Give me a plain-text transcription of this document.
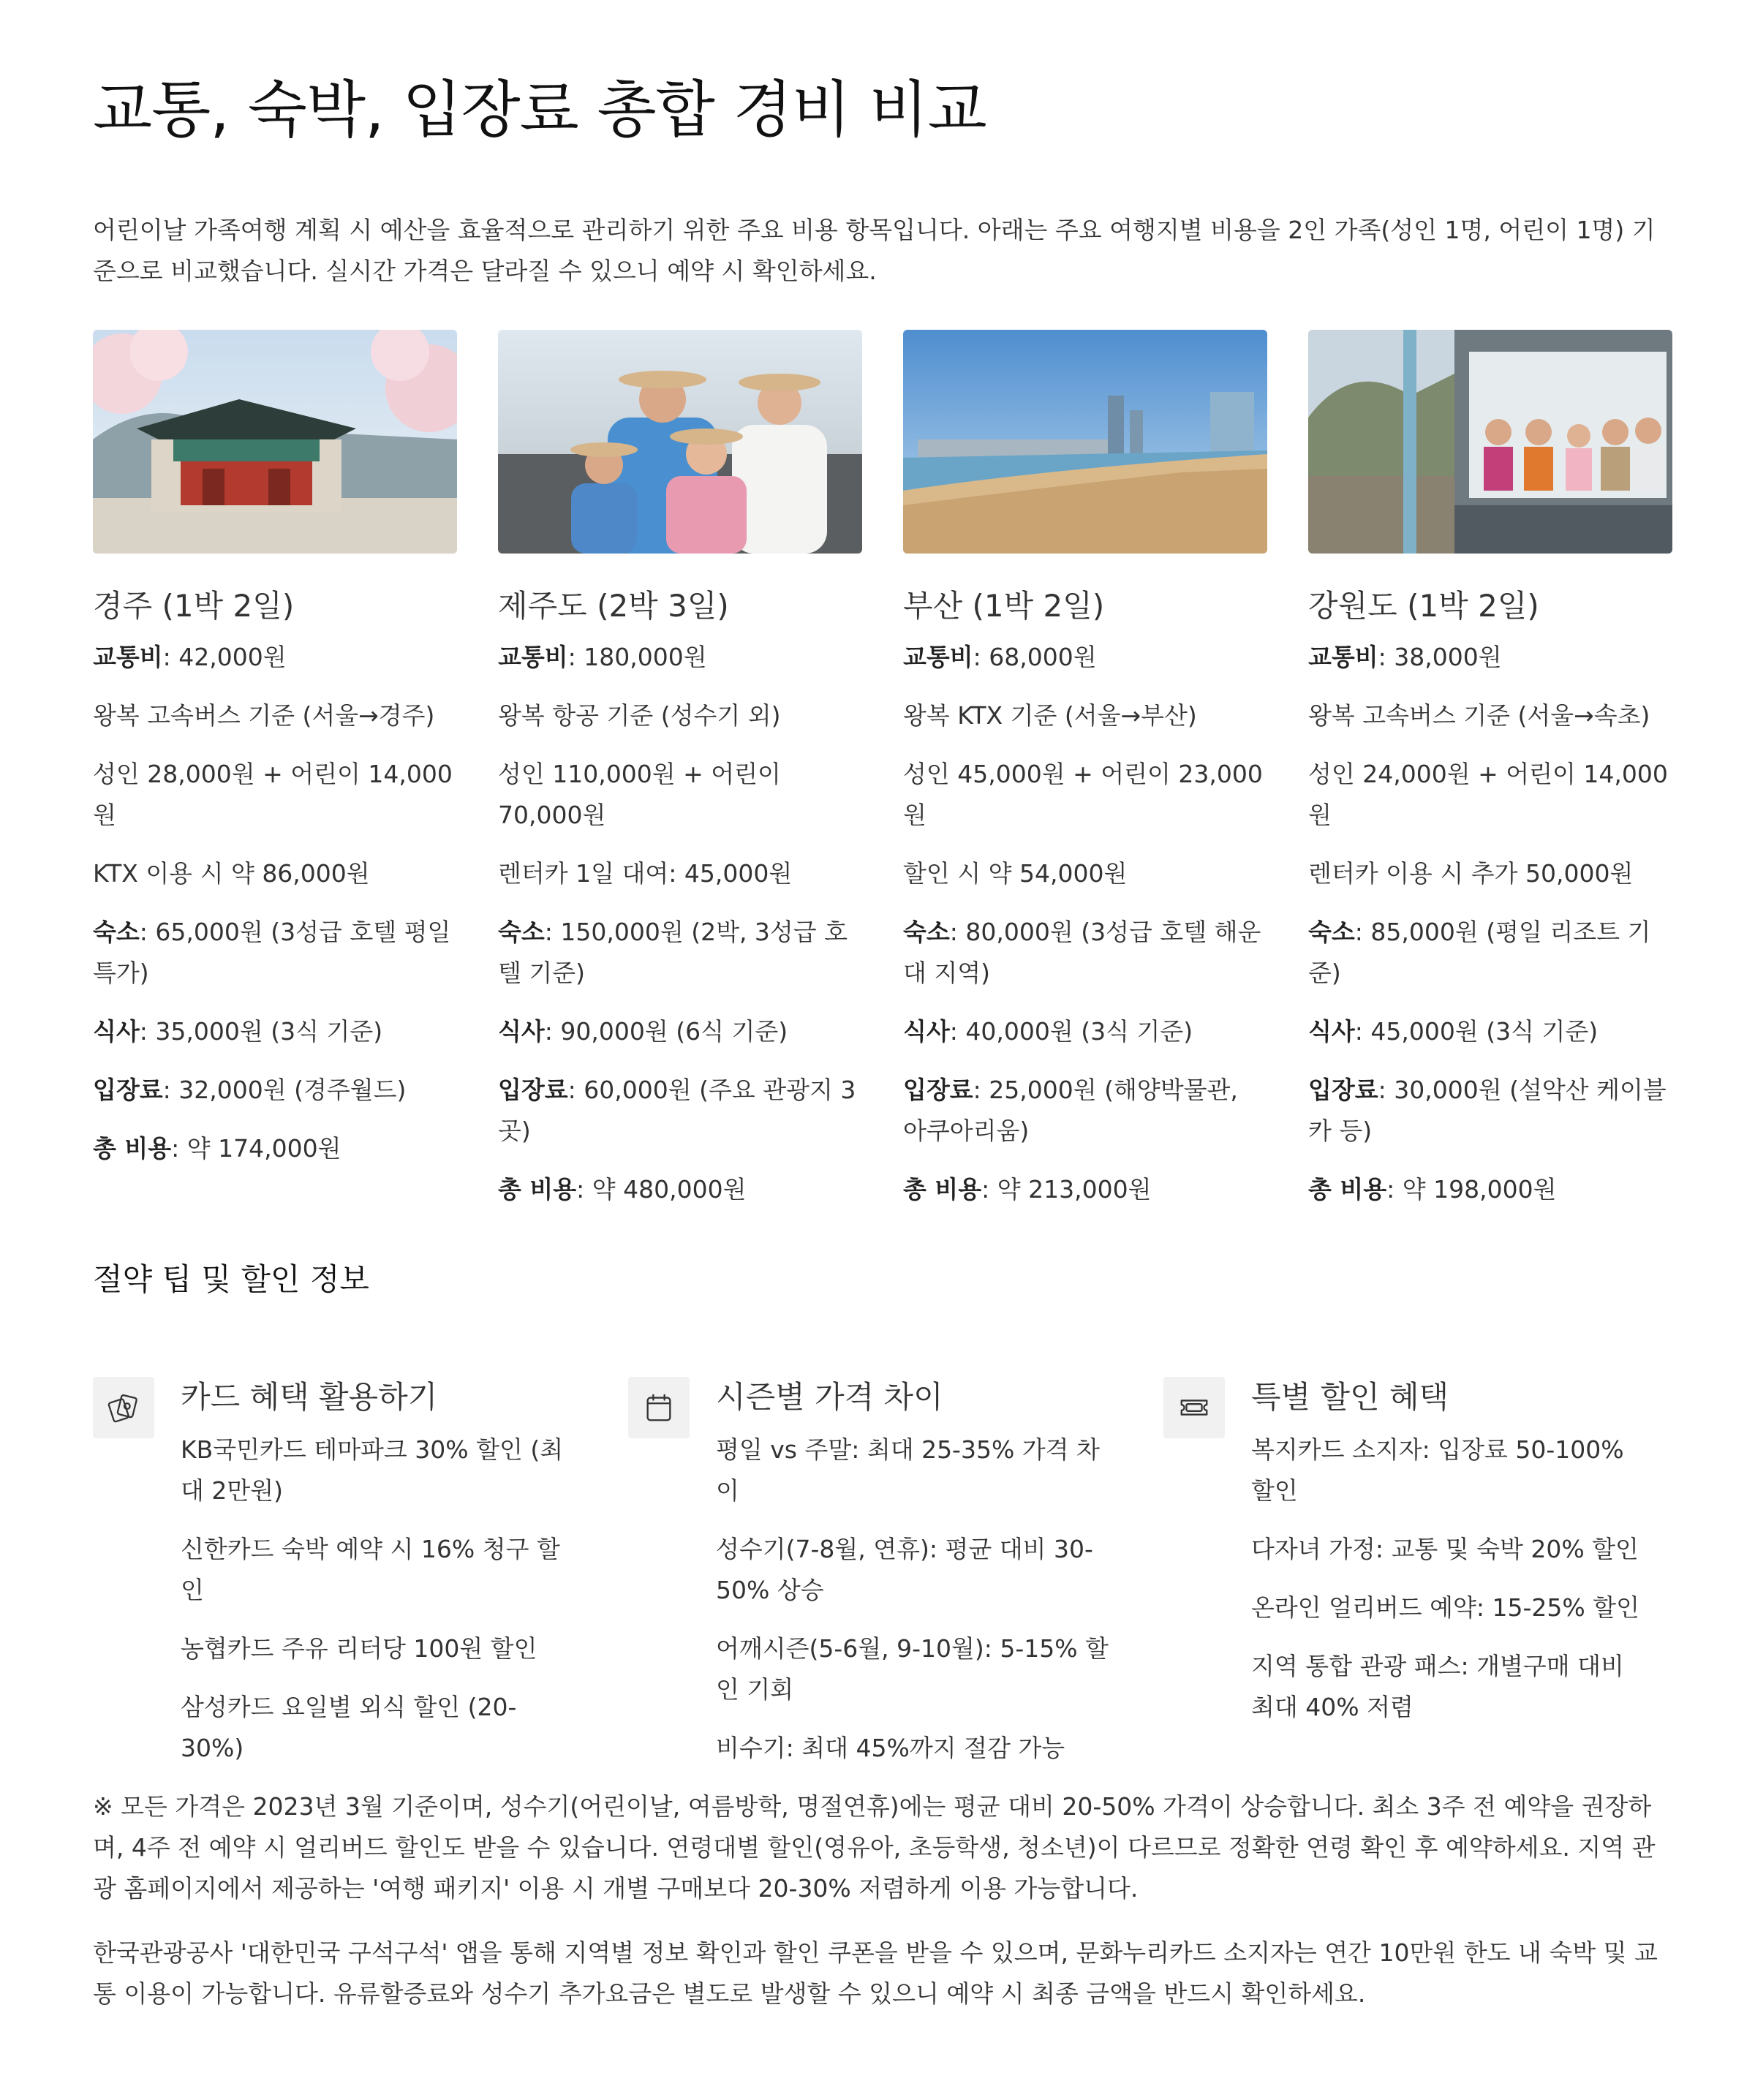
교통, 숙박, 입장료 총합 경비 비교

어린이날 가족여행 계획 시 예산을 효율적으로 관리하기 위한 주요 비용 항목입니다. 아래는 주요 여행지별 비용을 2인 가족(성인 1명, 어린이 1명) 기준으로 비교했습니다. 실시간 가격은 달라질 수 있으니 예약 시 확인하세요.

경주 (1박 2일)
교통비: 42,000원
왕복 고속버스 기준 (서울→경주)
성인 28,000원 + 어린이 14,000원
KTX 이용 시 약 86,000원
숙소: 65,000원 (3성급 호텔 평일 특가)
식사: 35,000원 (3식 기준)
입장료: 32,000원 (경주월드)
총 비용: 약 174,000원
제주도 (2박 3일)
교통비: 180,000원
왕복 항공 기준 (성수기 외)
성인 110,000원 + 어린이 70,000원
렌터카 1일 대여: 45,000원
숙소: 150,000원 (2박, 3성급 호텔 기준)
식사: 90,000원 (6식 기준)
입장료: 60,000원 (주요 관광지 3곳)
총 비용: 약 480,000원
부산 (1박 2일)
교통비: 68,000원
왕복 KTX 기준 (서울→부산)
성인 45,000원 + 어린이 23,000원
할인 시 약 54,000원
숙소: 80,000원 (3성급 호텔 해운대 지역)
식사: 40,000원 (3식 기준)
입장료: 25,000원 (해양박물관, 아쿠아리움)
총 비용: 약 213,000원
강원도 (1박 2일)
교통비: 38,000원
왕복 고속버스 기준 (서울→속초)
성인 24,000원 + 어린이 14,000원
렌터카 이용 시 추가 50,000원
숙소: 85,000원 (평일 리조트 기준)
식사: 45,000원 (3식 기준)
입장료: 30,000원 (설악산 케이블카 등)
총 비용: 약 198,000원
절약 팁 및 할인 정보
카드 혜택 활용하기
KB국민카드 테마파크 30% 할인 (최대 2만원)
신한카드 숙박 예약 시 16% 청구 할인
농협카드 주유 리터당 100원 할인
삼성카드 요일별 외식 할인 (20-30%)
시즌별 가격 차이
평일 vs 주말: 최대 25-35% 가격 차이
성수기(7-8월, 연휴): 평균 대비 30-50% 상승
어깨시즌(5-6월, 9-10월): 5-15% 할인 기회
비수기: 최대 45%까지 절감 가능
특별 할인 혜택
복지카드 소지자: 입장료 50-100% 할인
다자녀 가정: 교통 및 숙박 20% 할인
온라인 얼리버드 예약: 15-25% 할인
지역 통합 관광 패스: 개별구매 대비 최대 40% 저렴

※ 모든 가격은 2023년 3월 기준이며, 성수기(어린이날, 여름방학, 명절연휴)에는 평균 대비 20-50% 가격이 상승합니다. 최소 3주 전 예약을 권장하며, 4주 전 예약 시 얼리버드 할인도 받을 수 있습니다. 연령대별 할인(영유아, 초등학생, 청소년)이 다르므로 정확한 연령 확인 후 예약하세요. 지역 관광 홈페이지에서 제공하는 '여행 패키지' 이용 시 개별 구매보다 20-30% 저렴하게 이용 가능합니다.

한국관광공사 '대한민국 구석구석' 앱을 통해 지역별 정보 확인과 할인 쿠폰을 받을 수 있으며, 문화누리카드 소지자는 연간 10만원 한도 내 숙박 및 교통 이용이 가능합니다. 유류할증료와 성수기 추가요금은 별도로 발생할 수 있으니 예약 시 최종 금액을 반드시 확인하세요.
